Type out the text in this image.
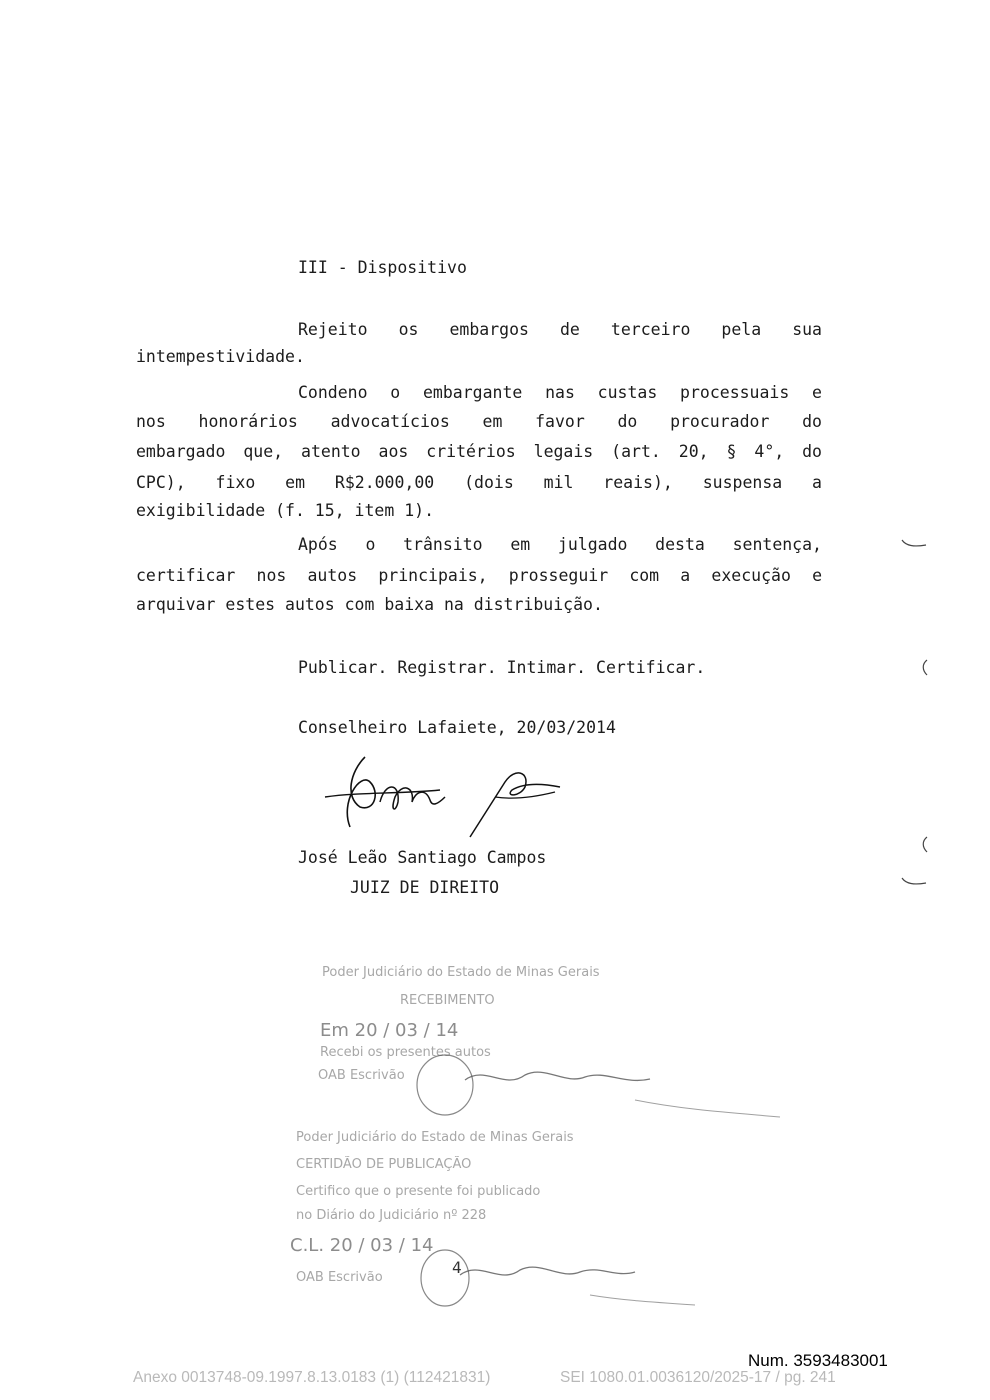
III - Dispositivo
Rejeito os embargos de terceiro pela sua
intempestividade.
Condeno o embargante nas custas processuais e
nos honorários advocatícios em favor do procurador do
embargado que, atento aos critérios legais (art. 20, § 4°, do
CPC), fixo em R$2.000,00 (dois mil reais), suspensa a
exigibilidade (f. 15, item 1).
Após o trânsito em julgado desta sentença,
certificar nos autos principais, prosseguir com a execução e
arquivar estes autos com baixa na distribuição.
Publicar. Registrar. Intimar. Certificar.
Conselheiro Lafaiete, 20/03/2014
José Leão Santiago Campos
JUIZ DE DIREITO
Poder Judiciário do Estado de Minas Gerais
RECEBIMENTO
Em 20 / 03 / 14
Recebi os presentes autos
OAB Escrivão
Poder Judiciário do Estado de Minas Gerais
CERTIDÃO DE PUBLICAÇÃO
Certifico que o presente foi publicado
no Diário do Judiciário nº 228
C.L. 20 / 03 / 14
OAB Escrivão
4
Num. 3593483001
Anexo 0013748-09.1997.8.13.0183 (1) (112421831)	SEI 1080.01.0036120/2025-17 / pg. 241
